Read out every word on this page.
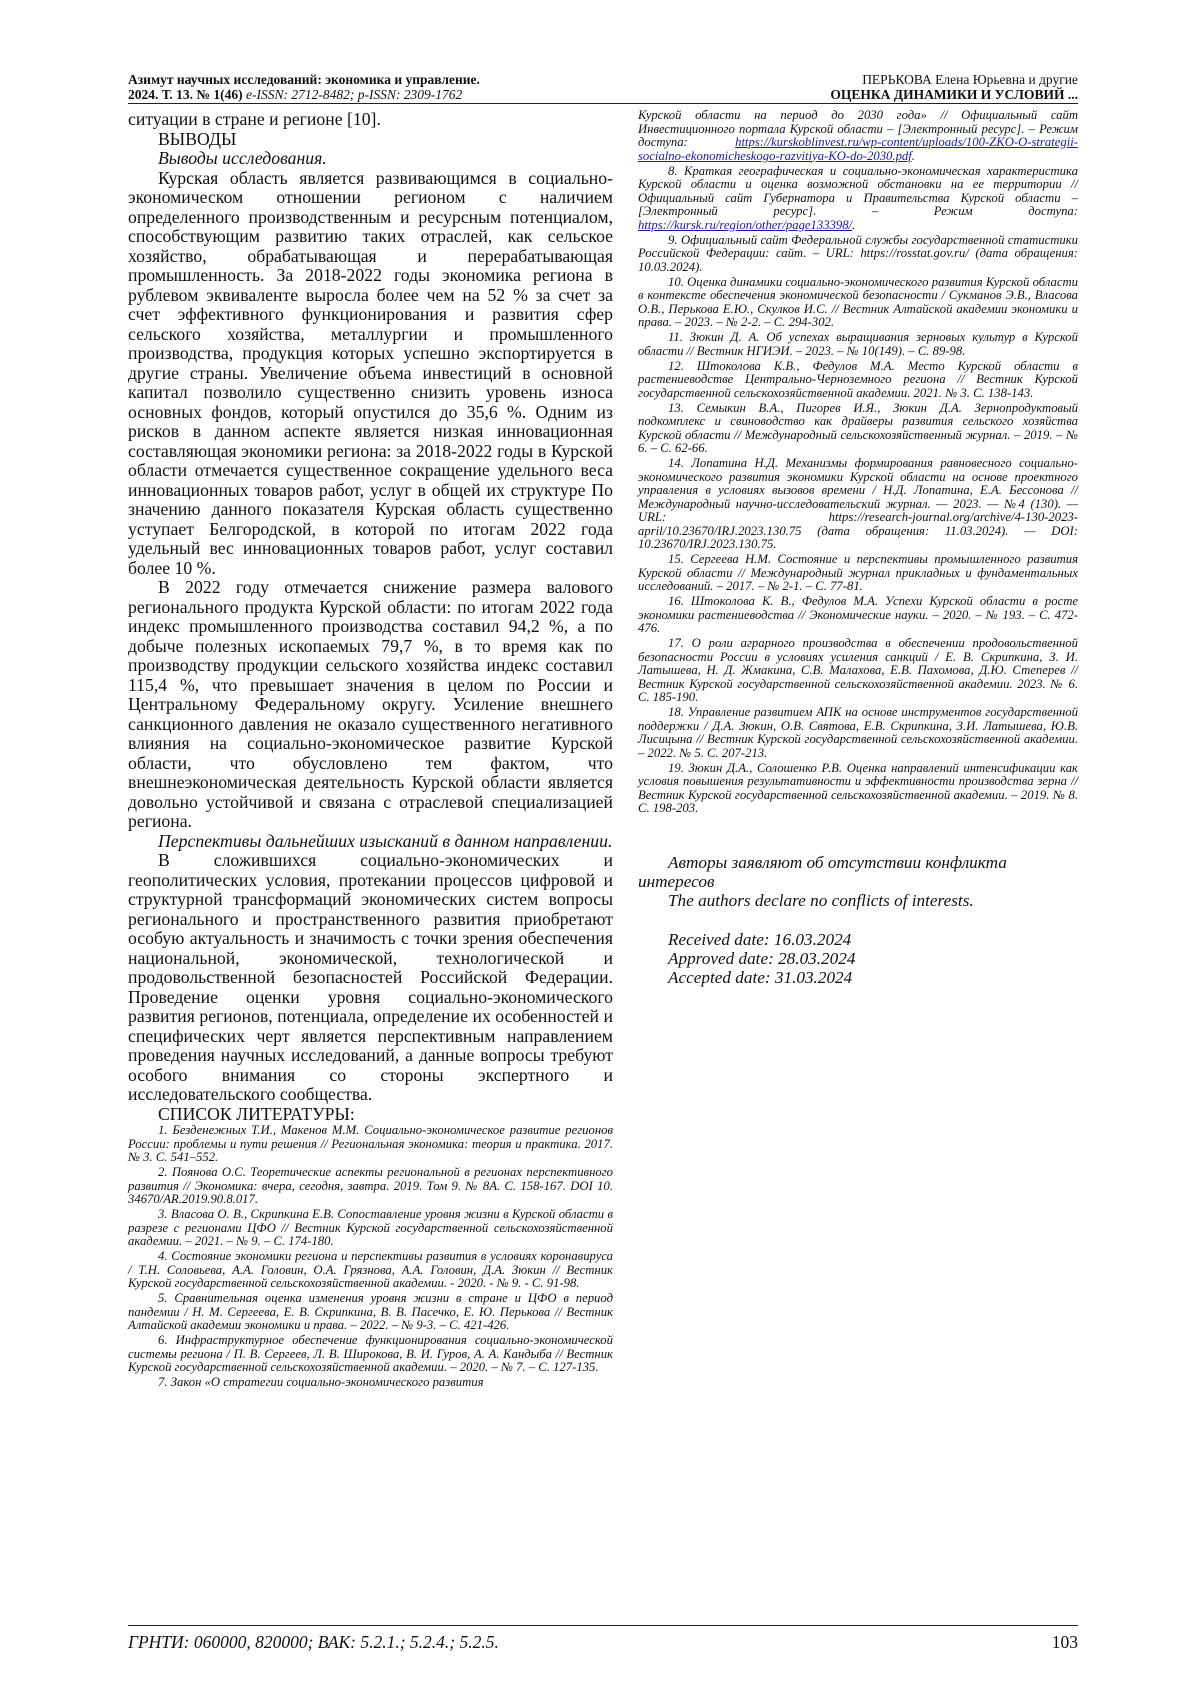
Азимут научных исследований: экономика и управление.
2024. Т. 13. № 1(46) e-ISSN: 2712-8482; p-ISSN: 2309-1762
ПЕРЬКОВА Елена Юрьевна и другие
ОЦЕНКА ДИНАМИКИ И УСЛОВИЙ ...

ситуации в стране и регионе [10].

ВЫВОДЫ

Выводы исследования.

Курская область является развивающимся в социально-экономическом отношении регионом с наличием определенного производственным и ресурсным потенциалом, способствующим развитию таких отраслей, как сельское хозяйство, обрабатывающая и перерабатывающая промышленность. За 2018-2022 годы экономика региона в рублевом эквиваленте выросла более чем на 52 % за счет за счет эффективного функционирования и развития сфер сельского хозяйства, металлургии и промышленного производства, продукция которых успешно экспортируется в другие страны. Увеличение объема инвестиций в основной капитал позволило существенно снизить уровень износа основных фондов, который опустился до 35,6 %. Одним из рисков в данном аспекте является низкая инновационная составляющая экономики региона: за 2018-2022 годы в Курской области отмечается существенное сокращение удельного веса инновационных товаров работ, услуг в общей их структуре По значению данного показателя Курская область существенно уступает Белгородской, в которой по итогам 2022 года удельный вес инновационных товаров работ, услуг составил более 10 %.

В 2022 году отмечается снижение размера валового регионального продукта Курской области: по итогам 2022 года индекс промышленного производства составил 94,2 %, а по добыче полезных ископаемых 79,7 %, в то время как по производству продукции сельского хозяйства индекс составил 115,4 %, что превышает значения в целом по России и Центральному Федеральному округу. Усиление внешнего санкционного давления не оказало существенного негативного влияния на социально-экономическое развитие Курской области, что обусловлено тем фактом, что внешнеэкономическая деятельность Курской области является довольно устойчивой и связана с отраслевой специализацией региона.

Перспективы дальнейших изысканий в данном направлении.

В сложившихся социально-экономических и геополитических условия, протекании процессов цифровой и структурной трансформаций экономических систем вопросы регионального и пространственного развития приобретают особую актуальность и значимость с точки зрения обеспечения национальной, экономической, технологической и продовольственной безопасностей Российской Федерации. Проведение оценки уровня социально-экономического развития регионов, потенциала, определение их особенностей и специфических черт является перспективным направлением проведения научных исследований, а данные вопросы требуют особого внимания со стороны экспертного и исследовательского сообщества.

СПИСОК ЛИТЕРАТУРЫ:

1. Безденежных Т.И., Макенов М.М. Социально-экономическое развитие регионов России: проблемы и пути решения // Региональная экономика: теория и практика. 2017. № 3. С. 541–552.

2. Поянова О.С. Теоретические аспекты региональной в регионах перспективного развития // Экономика: вчера, сегодня, завтра. 2019. Том 9. № 8А. С. 158-167. DOI 10. 34670/AR.2019.90.8.017.

3. Власова О. В., Скрипкина Е.В. Сопоставление уровня жизни в Курской области в разрезе с регионами ЦФО // Вестник Курской государственной сельскохозяйственной академии. – 2021. – № 9. – С. 174-180.

4. Состояние экономики региона и перспективы развития в условиях коронавируса / Т.Н. Соловьева, А.А. Головин, О.А. Грязнова, А.А. Головин, Д.А. Зюкин // Вестник Курской государственной сельскохозяйственной академии. - 2020. - № 9. - С. 91-98.

5. Сравнительная оценка изменения уровня жизни в стране и ЦФО в период пандемии / Н. М. Сергеева, Е. В. Скрипкина, В. В. Пасечко, Е. Ю. Перькова // Вестник Алтайской академии экономики и права. – 2022. – № 9-3. – С. 421-426.

6. Инфраструктурное обеспечение функционирования социально-экономической системы региона / П. В. Сергеев, Л. В. Широкова, В. И. Гуров, А. А. Кандыба // Вестник Курской государственной сельскохозяйственной академии. – 2020. – № 7. – С. 127-135.

7. Закон «О стратегии социально-экономического развития

Курской области на период до 2030 года» // Официальный сайт Инвестиционного портала Курской области – [Электронный ресурс]. – Режим доступа: https://kurskoblinvest.ru/wp-content/uploads/100-ZKO-O-strategii-socialno-ekonomicheskogo-razvitiya-KO-do-2030.pdf.

8. Краткая географическая и социально-экономическая характеристика Курской области и оценка возможной обстановки на ее территории // Официальный сайт Губернатора и Правительства Курской области – [Электронный ресурс]. – Режим доступа: https://kursk.ru/region/other/page133398/.

9. Официальный сайт Федеральной службы государственной статистики Российской Федерации: сайт. – URL: https://rosstat.gov.ru/ (дата обращения: 10.03.2024).

10. Оценка динамики социально-экономического развития Курской области в контексте обеспечения экономической безопасности / Сукманов Э.В., Власова О.В., Перькова Е.Ю., Скулков И.С. // Вестник Алтайской академии экономики и права. – 2023. – № 2-2. – С. 294-302.

11. Зюкин Д. А. Об успехах выращивания зерновых культур в Курской области // Вестник НГИЭИ. – 2023. – № 10(149). – С. 89-98.

12. Штоколова К.В., Федулов М.А. Место Курской области в растениеводстве Центрально-Черноземного региона // Вестник Курской государственной сельскохозяйственной академии. 2021. № 3. С. 138-143.

13. Семыкин В.А., Пигорев И.Я., Зюкин Д.А. Зернопродуктовый подкомплекс и свиноводство как драйверы развития сельского хозяйства Курской области // Международный сельскохозяйственный журнал. – 2019. – № 6. – С. 62-66.

14. Лопатина Н.Д. Механизмы формирования равновесного социально-экономического развития экономики Курской области на основе проектного управления в условиях вызовов времени / Н.Д. Лопатина, Е.А. Бессонова // Международный научно-исследовательский журнал. — 2023. — №4 (130). — URL: https://research-journal.org/archive/4-130-2023-april/10.23670/IRJ.2023.130.75 (дата обращения: 11.03.2024). — DOI: 10.23670/IRJ.2023.130.75.

15. Сергеева Н.М. Состояние и перспективы промышленного развития Курской области // Международный журнал прикладных и фундаментальных исследований. – 2017. – № 2-1. – С. 77-81.

16. Штоколова К. В., Федулов М.А. Успехи Курской области в росте экономики растениеводства // Экономические науки. – 2020. – № 193. – С. 472-476.

17. О роли аграрного производства в обеспечении продовольственной безопасности России в условиях усиления санкций / Е. В. Скрипкина, З. И. Латышева, Н. Д. Жмакина, С.В. Малахова, Е.В. Пахомова, Д.Ю. Степерев // Вестник Курской государственной сельскохозяйственной академии. 2023. № 6. С. 185-190.

18. Управление развитием АПК на основе инструментов государственной поддержки / Д.А. Зюкин, О.В. Святова, Е.В. Скрипкина, З.И. Латышева, Ю.В. Лисицына // Вестник Курской государственной сельскохозяйственной академии. – 2022. № 5. С. 207-213.

19. Зюкин Д.А., Солошенко Р.В. Оценка направлений интенсификации как условия повышения результативности и эффективности производства зерна // Вестник Курской государственной сельскохозяйственной академии. – 2019. № 8. С. 198-203.

Авторы заявляют об отсутствии конфликта интересов

The authors declare no conflicts of interests.

Received date: 16.03.2024

Approved date: 28.03.2024

Accepted date: 31.03.2024

ГРНТИ: 060000, 820000; ВАК: 5.2.1.; 5.2.4.; 5.2.5.	103
